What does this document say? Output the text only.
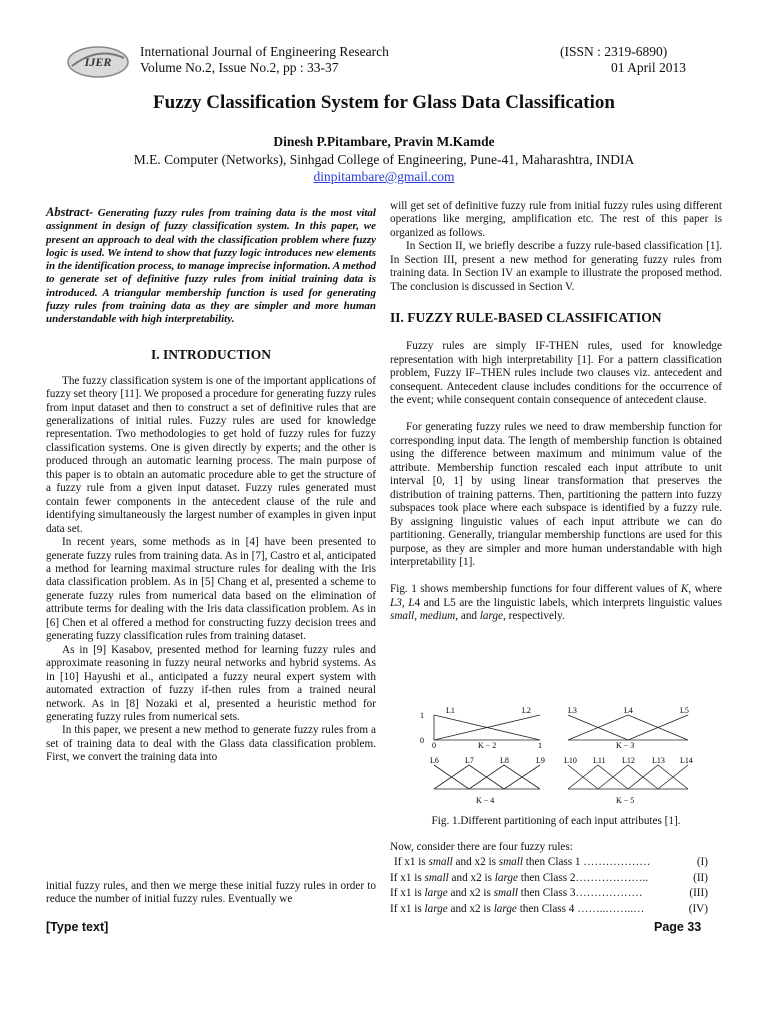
IJER
International Journal of Engineering Research	(ISSN : 2319-6890)
Volume No.2, Issue No.2, pp : 33-37	01 April 2013
Fuzzy Classification System for Glass Data Classification
Dinesh P.Pitambare, Pravin M.Kamde
M.E. Computer (Networks), Sinhgad College of Engineering, Pune-41, Maharashtra, INDIA
dinpitambare@gmail.com

Abstract- Generating fuzzy rules from training data is the most vital assignment in design of fuzzy classification system. In this paper, we present an approach to deal with the classification problem where fuzzy logic is used. We intend to show that fuzzy logic introduces new elements in the identification process, to manage imprecise information. A method to generate set of definitive fuzzy rules from initial training data is introduced. A triangular membership function is used for generating fuzzy rules from training data as they are simpler and more human understandable with high interpretability.

I. INTRODUCTION

The fuzzy classification system is one of the important applications of fuzzy set theory [11]. We proposed a procedure for generating fuzzy rules from input dataset and then to construct a set of definitive rules that are generalizations of initial rules. Fuzzy rules are used for knowledge representation. Two methodologies to get hold of fuzzy rules for fuzzy classification systems. One is given directly by experts; and the other is produced through an automatic learning process. The main purpose of this paper is to obtain an automatic procedure able to get the structure of a fuzzy rule from a given input dataset. Fuzzy rules generated must contain fewer components in the antecedent clause of the rule and identifying simultaneously the largest number of examples in given input data set.

In recent years, some methods as in [4] have been presented to generate fuzzy rules from training data. As in [7], Castro et al, anticipated a method for learning maximal structure rules for dealing with the Iris data classification problem. As in [5] Chang et al, presented a scheme to generate fuzzy rules from numerical data based on the elimination of attribute terms for dealing with the Iris data classification problem. As in [6] Chen et al offered a method for constructing fuzzy decision trees and generating fuzzy classification rules from training dataset.

As in [9] Kasabov, presented method for learning fuzzy rules and approximate reasoning in fuzzy neural networks and hybrid systems. As in [10] Hayushi et al., anticipated a fuzzy neural expert system with automated extraction of fuzzy if-then rules from a trained neural network. As in [8] Nozaki et al, presented a heuristic method for generating fuzzy rules from numerical sets.

In this paper, we present a new method to generate fuzzy rules from a set of training data to deal with the Glass data classification problem. First, we convert the training data into

initial fuzzy rules, and then we merge these initial fuzzy rules in order to reduce the number of initial fuzzy rules. Eventually we

will get set of definitive fuzzy rule from initial fuzzy rules using different operations like merging, amplification etc. The rest of this paper is organized as follows.

In Section II, we briefly describe a fuzzy rule-based classification [1]. In Section III, present a new method for generating fuzzy rules from training data. In Section IV an example to illustrate the proposed method. The conclusion is discussed in Section V.

II. FUZZY RULE-BASED CLASSIFICATION

Fuzzy rules are simply IF-THEN rules, used for knowledge representation with high interpretability [1]. For a pattern classification problem, Fuzzy IF–THEN rules include two clauses viz. antecedent and consequent. Antecedent clause includes conditions for the occurrence of the event; while consequent contain consequence of antecedent clause.

For generating fuzzy rules we need to draw membership function for corresponding input data. The length of membership function is obtained using the difference between maximum and minimum value of the attribute. Membership function rescaled each input attribute to unit interval [0, 1] by using linear transformation that preserves the distribution of training patterns. Then, partitioning the pattern into fuzzy subspaces took place where each subspace is identified by a fuzzy rule. By assigning linguistic values of each input attribute we can do partitioning. Generally, triangular membership functions are used for this purpose, as they are simpler and more human understandable with high interpretability [1].

Fig. 1 shows membership functions for four different values of K, where L3, L4 and L5 are the linguistic labels, which interprets linguistic values small, medium, and large, respectively.

L1	L2
1
0
0	1
K − 2
L3	L4	L5
K − 3
L6	L7	L8	L9
K − 4
L10 L11 L12 L13 L14
K − 5
Fig. 1.Different partitioning of each input attributes [1].
Now, consider there are four fuzzy rules:
If x1 is small and x2 is small then Class 1 ………………	(I)
If x1 is small and x2 is large then Class 2………………..	(II)
If x1 is large and x2 is small then Class 3………………	(III)
If x1 is large and x2 is large then Class 4 ……..……..…	(IV)
[Type text]	Page 33
